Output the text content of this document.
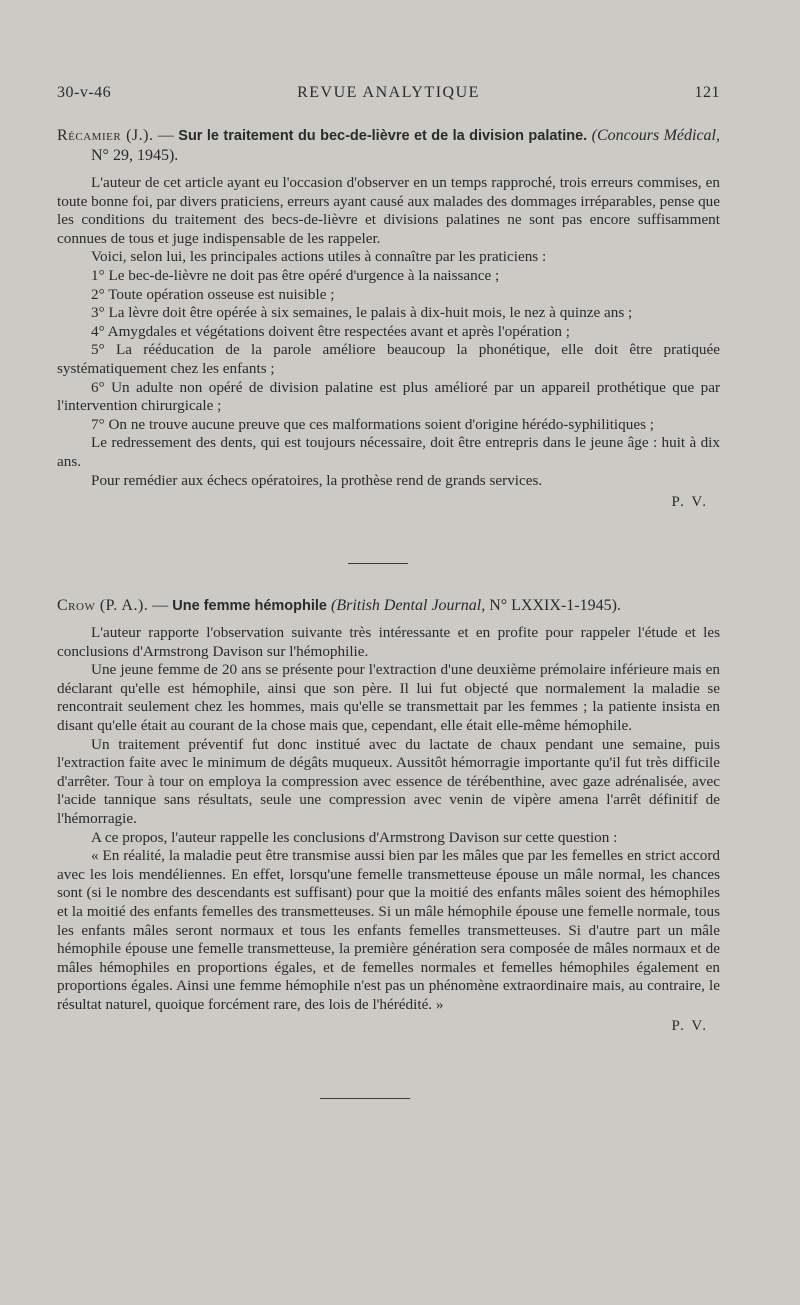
30-v-46	REVUE ANALYTIQUE	121
Récamier (J.). — Sur le traitement du bec-de-lièvre et de la division palatine. (Concours Médical, N° 29, 1945).

L'auteur de cet article ayant eu l'occasion d'observer en un temps rapproché, trois erreurs commises, en toute bonne foi, par divers praticiens, erreurs ayant causé aux malades des dommages irréparables, pense que les conditions du traitement des becs-de-lièvre et divisions palatines ne sont pas encore suffisamment connues de tous et juge indispensable de les rappeler.

Voici, selon lui, les principales actions utiles à connaître par les praticiens :

1° Le bec-de-lièvre ne doit pas être opéré d'urgence à la naissance ;

2° Toute opération osseuse est nuisible ;

3° La lèvre doit être opérée à six semaines, le palais à dix-huit mois, le nez à quinze ans ;

4° Amygdales et végétations doivent être respectées avant et après l'opération ;

5° La rééducation de la parole améliore beaucoup la phonétique, elle doit être pratiquée systématiquement chez les enfants ;

6° Un adulte non opéré de division palatine est plus amélioré par un appareil prothétique que par l'intervention chirurgicale ;

7° On ne trouve aucune preuve que ces malformations soient d'origine hérédo-syphilitiques ;

Le redressement des dents, qui est toujours nécessaire, doit être entrepris dans le jeune âge : huit à dix ans.

Pour remédier aux échecs opératoires, la prothèse rend de grands services.

P. V.

Crow (P. A.). — Une femme hémophile (British Dental Journal, N° LXXIX-1-1945).

L'auteur rapporte l'observation suivante très intéressante et en profite pour rappeler l'étude et les conclusions d'Armstrong Davison sur l'hémophilie.

Une jeune femme de 20 ans se présente pour l'extraction d'une deuxième prémolaire inférieure mais en déclarant qu'elle est hémophile, ainsi que son père. Il lui fut objecté que normalement la maladie se rencontrait seulement chez les hommes, mais qu'elle se transmettait par les femmes ; la patiente insista en disant qu'elle était au courant de la chose mais que, cependant, elle était elle-même hémophile.

Un traitement préventif fut donc institué avec du lactate de chaux pendant une semaine, puis l'extraction faite avec le minimum de dégâts muqueux. Aussitôt hémorragie importante qu'il fut très difficile d'arrêter. Tour à tour on employa la compression avec essence de térébenthine, avec gaze adrénalisée, avec l'acide tannique sans résultats, seule une compression avec venin de vipère amena l'arrêt définitif de l'hémorragie.

A ce propos, l'auteur rappelle les conclusions d'Armstrong Davison sur cette question :

« En réalité, la maladie peut être transmise aussi bien par les mâles que par les femelles en strict accord avec les lois mendéliennes. En effet, lorsqu'une femelle transmetteuse épouse un mâle normal, les chances sont (si le nombre des descendants est suffisant) pour que la moitié des enfants mâles soient des hémophiles et la moitié des enfants femelles des transmetteuses. Si un mâle hémophile épouse une femelle normale, tous les enfants mâles seront normaux et tous les enfants femelles transmetteuses. Si d'autre part un mâle hémophile épouse une femelle transmetteuse, la première génération sera composée de mâles normaux et de mâles hémophiles en proportions égales, et de femelles normales et femelles hémophiles également en proportions égales. Ainsi une femme hémophile n'est pas un phénomène extraordinaire mais, au contraire, le résultat naturel, quoique forcément rare, des lois de l'hérédité. »

P. V.
